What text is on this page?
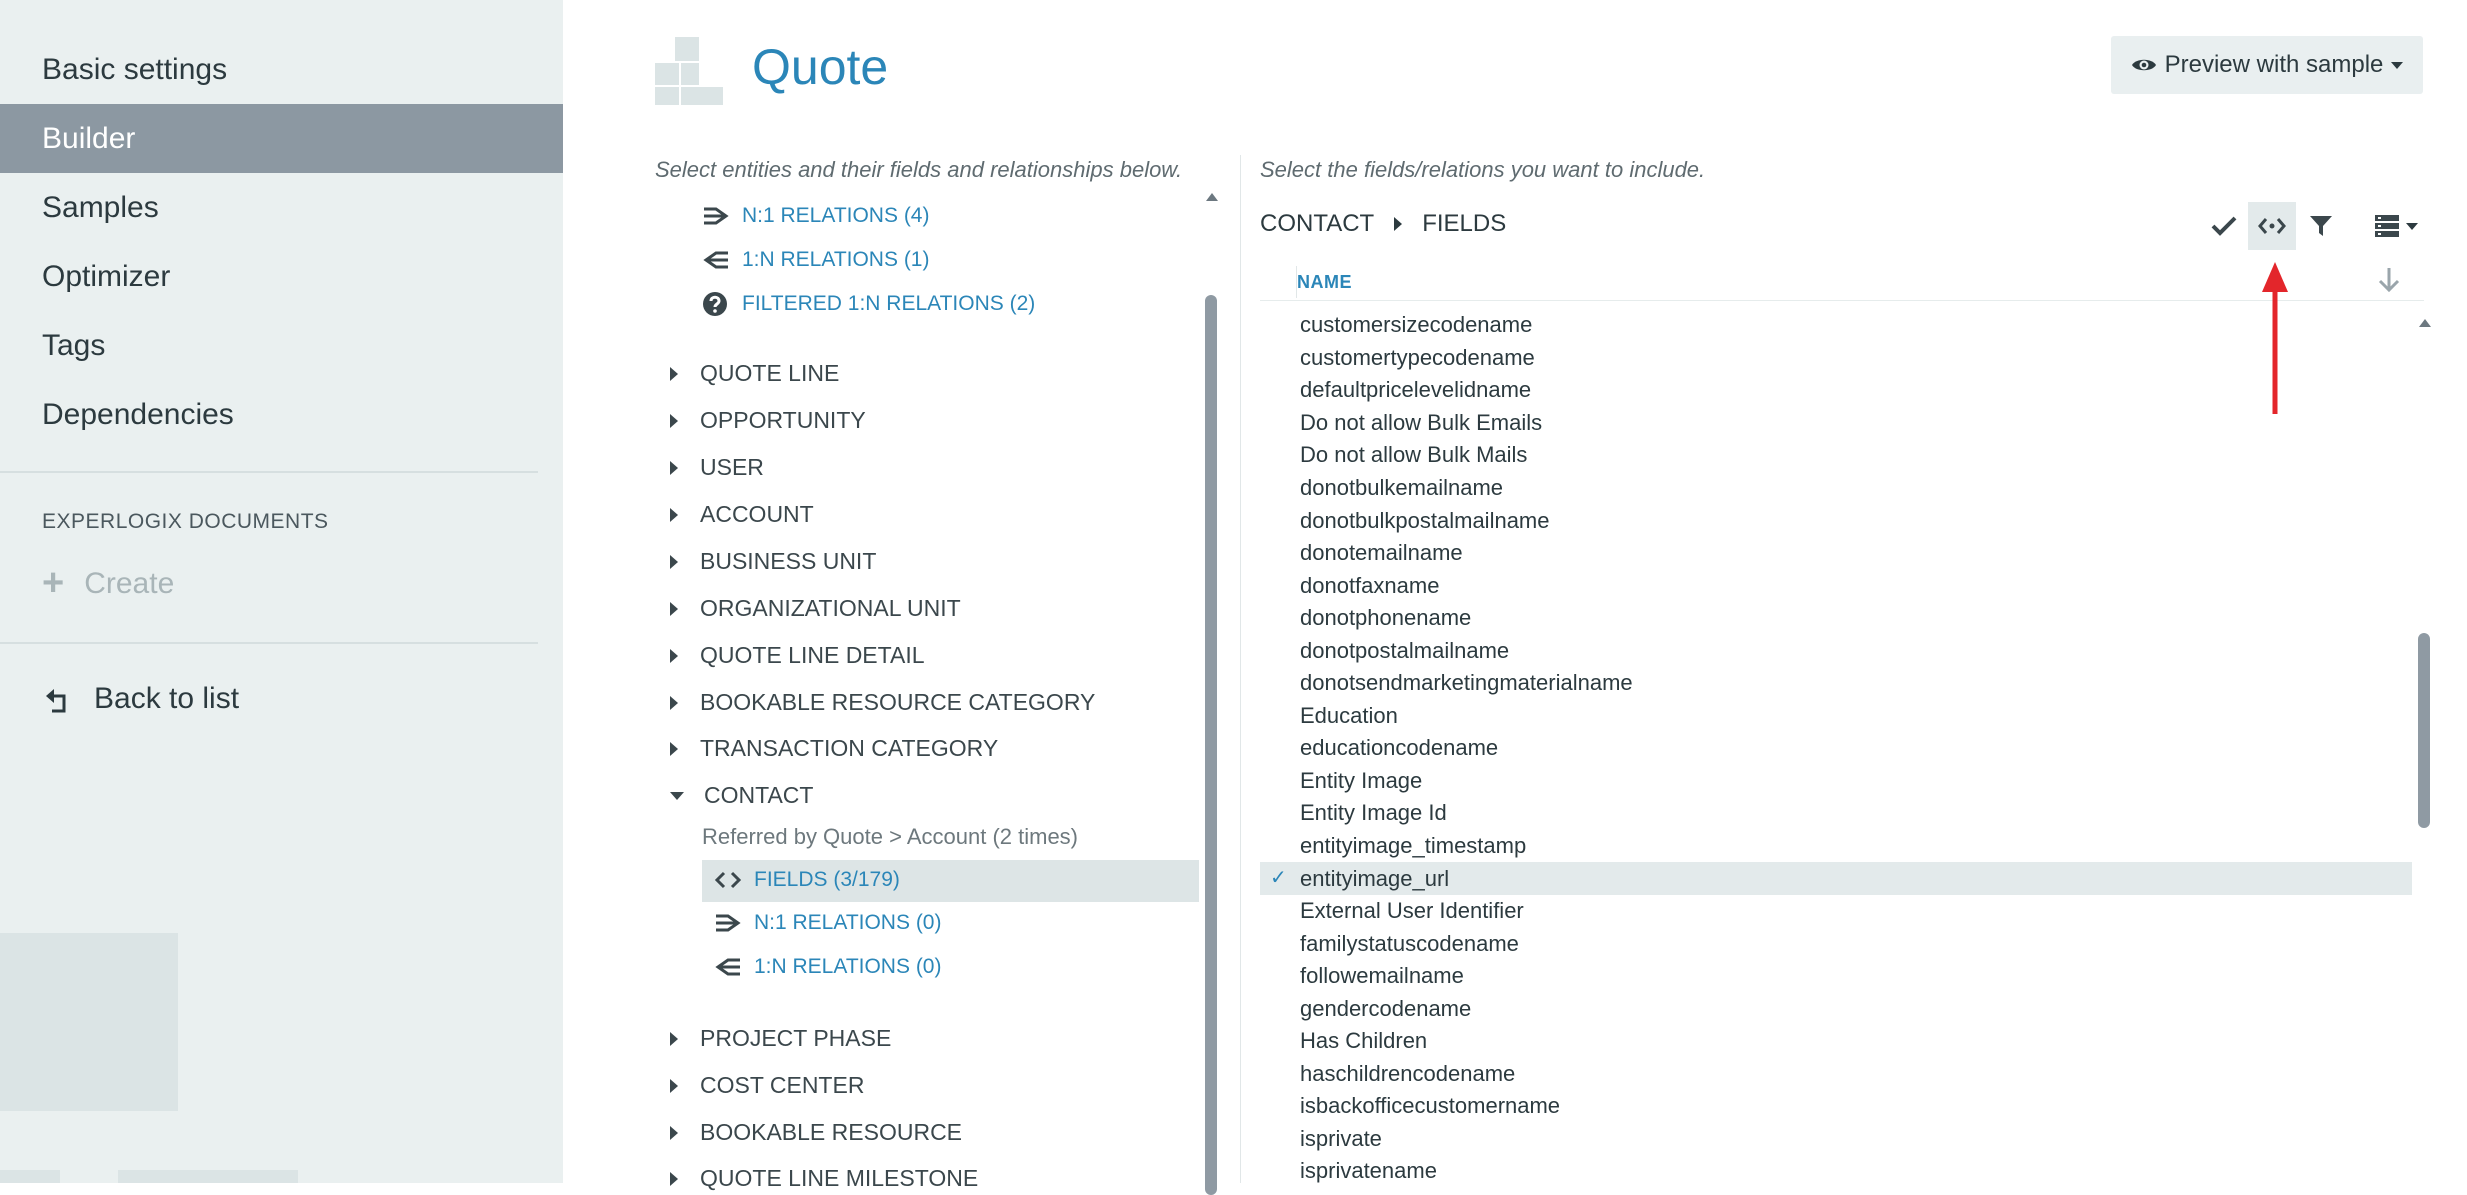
Basic settings
Builder
Samples
Optimizer
Tags
Dependencies
EXPERLOGIX DOCUMENTS
+ Create
Back to list
Quote	Preview with sample
Select entities and their fields and relationships below.
N:1 RELATIONS (4)
1:N RELATIONS (1)
FILTERED 1:N RELATIONS (2)
QUOTE LINE
OPPORTUNITY
USER
ACCOUNT
BUSINESS UNIT
ORGANIZATIONAL UNIT
QUOTE LINE DETAIL
BOOKABLE RESOURCE CATEGORY
TRANSACTION CATEGORY
CONTACT
Referred by Quote > Account (2 times)
FIELDS (3/179)
N:1 RELATIONS (0)
1:N RELATIONS (0)
PROJECT PHASE
COST CENTER
BOOKABLE RESOURCE
QUOTE LINE MILESTONE
Select the fields/relations you want to include.
CONTACT FIELDS
NAME
customersizecodename
customertypecodename
defaultpricelevelidname
Do not allow Bulk Emails
Do not allow Bulk Mails
donotbulkemailname
donotbulkpostalmailname
donotemailname
donotfaxname
donotphonename
donotpostalmailname
donotsendmarketingmaterialname
Education
educationcodename
Entity Image
Entity Image Id
entityimage_timestamp
✓ entityimage_url
External User Identifier
familystatuscodename
followemailname
gendercodename
Has Children
haschildrencodename
isbackofficecustomername
isprivate
isprivatename
